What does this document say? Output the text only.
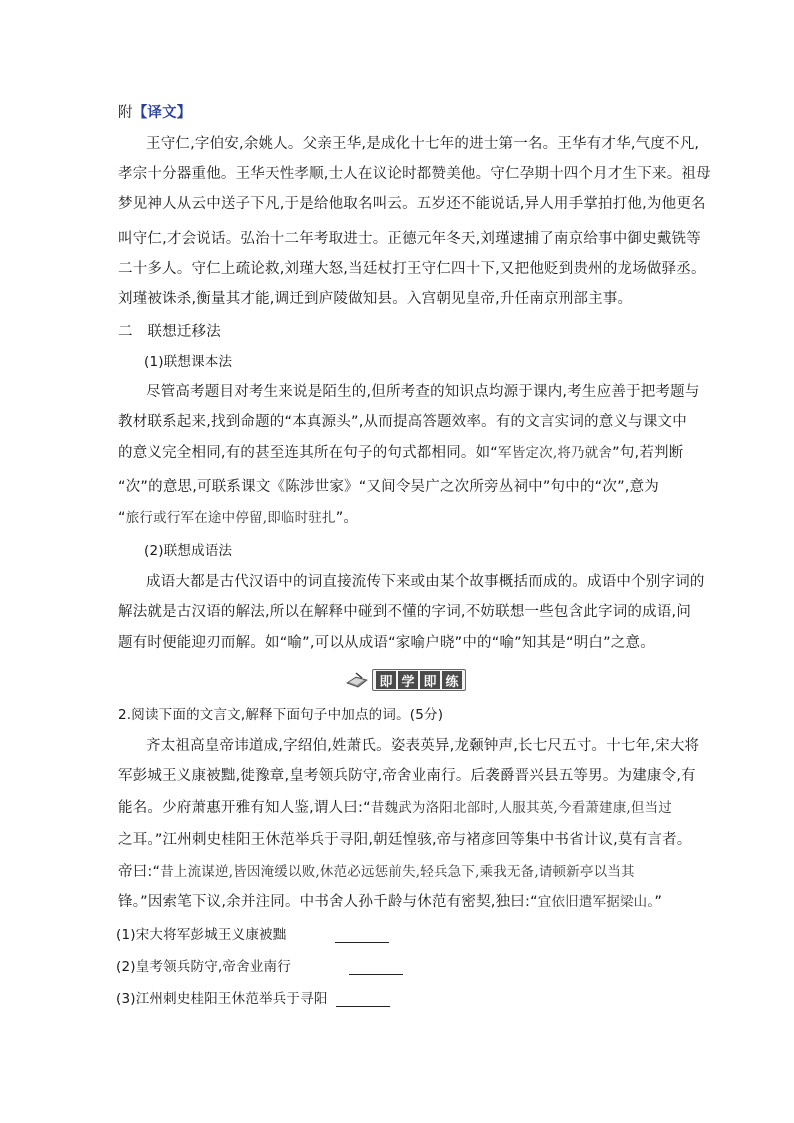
附【译文】
王守仁,字伯安,余姚人。父亲王华,是成化十七年的进士第一名。王华有才华,气度不凡,
孝宗十分器重他。王华天性孝顺,士人在议论时都赞美他。守仁孕期十四个月才生下来。祖母
梦见神人从云中送子下凡,于是给他取名叫云。五岁还不能说话,异人用手掌拍打他,为他更名
叫守仁,才会说话。弘治十二年考取进士。正德元年冬天,刘瑾逮捕了南京给事中御史戴铣等
二十多人。守仁上疏论救,刘瑾大怒,当廷杖打王守仁四十下,又把他贬到贵州的龙场做驿丞。
刘瑾被诛杀,衡量其才能,调迁到庐陵做知县。入宫朝见皇帝,升任南京刑部主事。
二　联想迁移法
(1)联想课本法
尽管高考题目对考生来说是陌生的,但所考查的知识点均源于课内,考生应善于把考题与
教材联系起来,找到命题的“本真源头”,从而提高答题效率。有的文言实词的意义与课文中
的意义完全相同,有的甚至连其所在句子的句式都相同。如“军皆定次,将乃就舍”句,若判断
“次”的意思,可联系课文《陈涉世家》“又间令吴广之次所旁丛祠中”句中的“次”,意为
“旅行或行军在途中停留,即临时驻扎”。
(2)联想成语法
成语大都是古代汉语中的词直接流传下来或由某个故事概括而成的。成语中个别字词的
解法就是古汉语的解法,所以在解释中碰到不懂的字词,不妨联想一些包含此字词的成语,问
题有时便能迎刃而解。如“喻”,可以从成语“家喻户晓”中的“喻”知其是“明白”之意。
即 学 即 练
2.阅读下面的文言文,解释下面句子中加点的词。(5分)
齐太祖高皇帝讳道成,字绍伯,姓萧氏。姿表英异,龙颡钟声,长七尺五寸。十七年,宋大将
军彭城王义康被黜,徙豫章,皇考领兵防守,帝舍业南行。后袭爵晋兴县五等男。为建康令,有
能名。少府萧惠开雅有知人鉴,谓人曰:“昔魏武为洛阳北部时,人服其英,今看萧建康,但当过
之耳。”江州刺史桂阳王休范举兵于寻阳,朝廷惶骇,帝与褚彦回等集中书省计议,莫有言者。
帝曰:“昔上流谋逆,皆因淹缓以败,休范必远惩前失,轻兵急下,乘我无备,请顿新亭以当其
锋。”因索笔下议,余并注同。中书舍人孙千龄与休范有密契,独曰:“宜依旧遣军据梁山。”
(1)宋大将军彭城王义康被黜
(2)皇考领兵防守,帝舍业南行
(3)江州刺史桂阳王休范举兵于寻阳
